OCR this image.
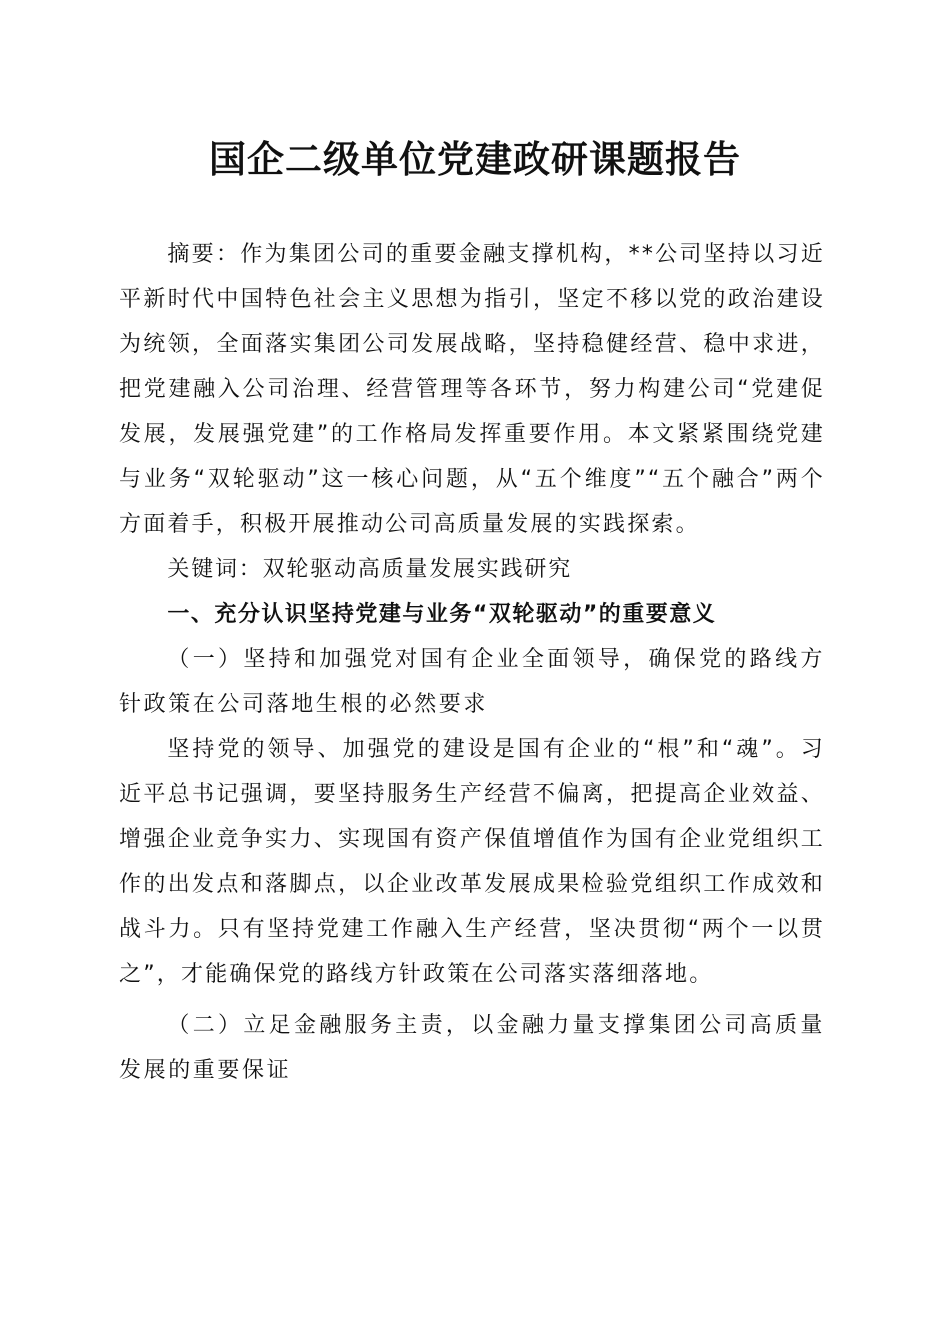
国企二级单位党建政研课题报告

摘要：作为集团公司的重要金融支撑机构，**公司坚持以习近平新时代中国特色社会主义思想为指引，坚定不移以党的政治建设为统领，全面落实集团公司发展战略，坚持稳健经营、稳中求进，把党建融入公司治理、经营管理等各环节，努力构建公司“党建促发展，发展强党建”的工作格局发挥重要作用。本文紧紧围绕党建与业务“双轮驱动”这一核心问题，从“五个维度”“五个融合”两个方面着手，积极开展推动公司高质量发展的实践探索。

关键词：双轮驱动高质量发展实践研究

一、充分认识坚持党建与业务“双轮驱动”的重要意义

（一）坚持和加强党对国有企业全面领导，确保党的路线方针政策在公司落地生根的必然要求

坚持党的领导、加强党的建设是国有企业的“根”和“魂”。习近平总书记强调，要坚持服务生产经营不偏离，把提高企业效益、增强企业竞争实力、实现国有资产保值增值作为国有企业党组织工作的出发点和落脚点，以企业改革发展成果检验党组织工作成效和战斗力。只有坚持党建工作融入生产经营，坚决贯彻“两个一以贯之”，才能确保党的路线方针政策在公司落实落细落地。

（二）立足金融服务主责，以金融力量支撑集团公司高质量发展的重要保证
